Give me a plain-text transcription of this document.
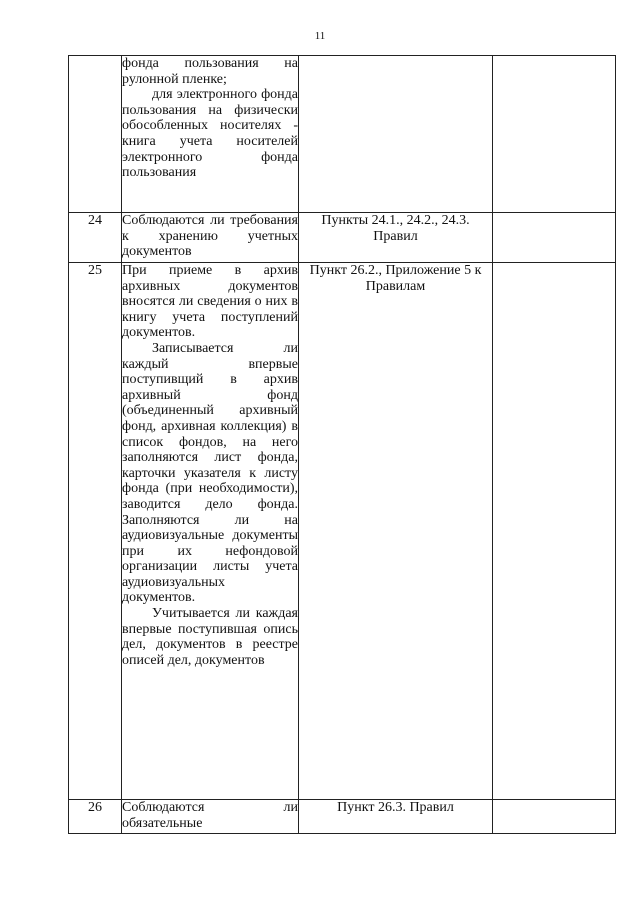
11

	фонда пользования на рулонной пленке;

для электронного фонда пользования на физически обособленных носителях - книга учета носителей электронного фонда пользования		

24	Соблюдаются ли требования к хранению учетных документов	Пункты 24.1., 24.2., 24.3. Правил	
25	При приеме в архив архивных документов вносятся ли сведения о них в книгу учета поступлений документов.

Записывается ли каждый впервые поступивщий в архив архивный фонд (объединенный архивный фонд, архивная коллекция) в список фондов, на него заполняются лист фонда, карточки указателя к листу фонда (при необходимости), заводится дело фонда. Заполняются ли на аудиовизуальные документы при их нефондовой организации листы учета аудиовизуальных документов.

Учитывается ли каждая впервые поступившая опись дел, документов в реестре описей дел, документов	Пункт 26.2., Приложение 5 к Правилам	
26	Соблюдаются ли обязательные	Пункт 26.3. Правил	
